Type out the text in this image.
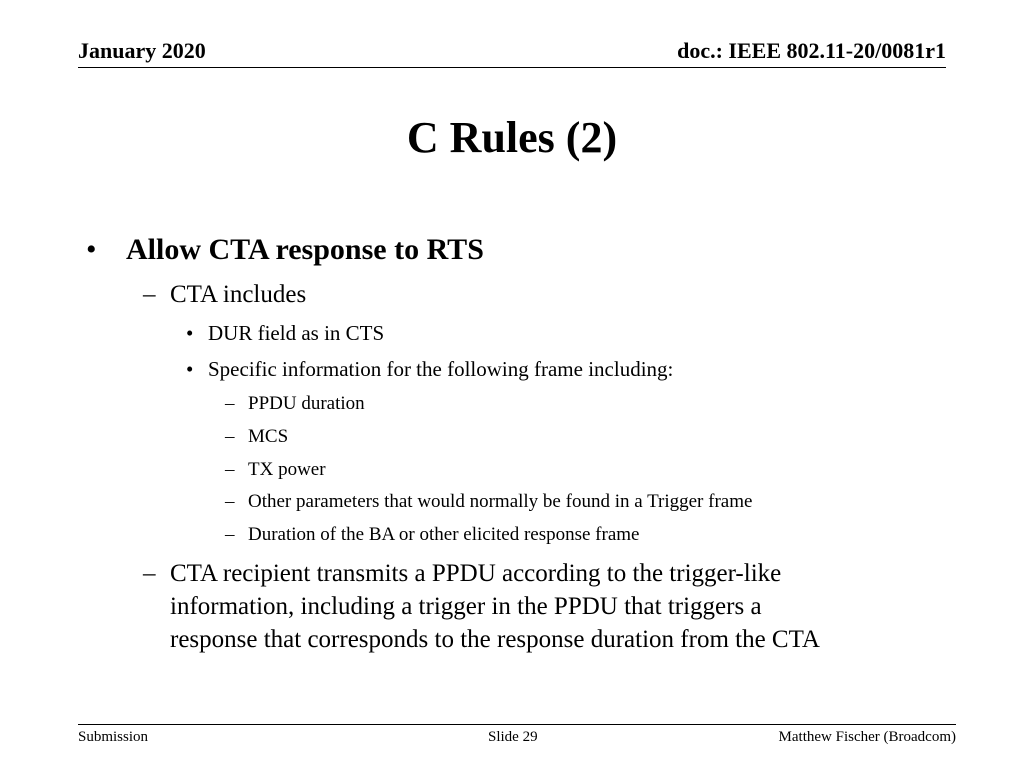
January 2020	doc.: IEEE 802.11-20/0081r1
C Rules (2)
• Allow CTA response to RTS
– CTA includes
• DUR field as in CTS
• Specific information for the following frame including:
– PPDU duration
– MCS
– TX power
– Other parameters that would normally be found in a Trigger frame
– Duration of the BA or other elicited response frame
– CTA recipient transmits a PPDU according to the trigger-like
information, including a trigger in the PPDU that triggers a
response that corresponds to the response duration from the CTA
Submission	Slide 29	Matthew Fischer (Broadcom)
